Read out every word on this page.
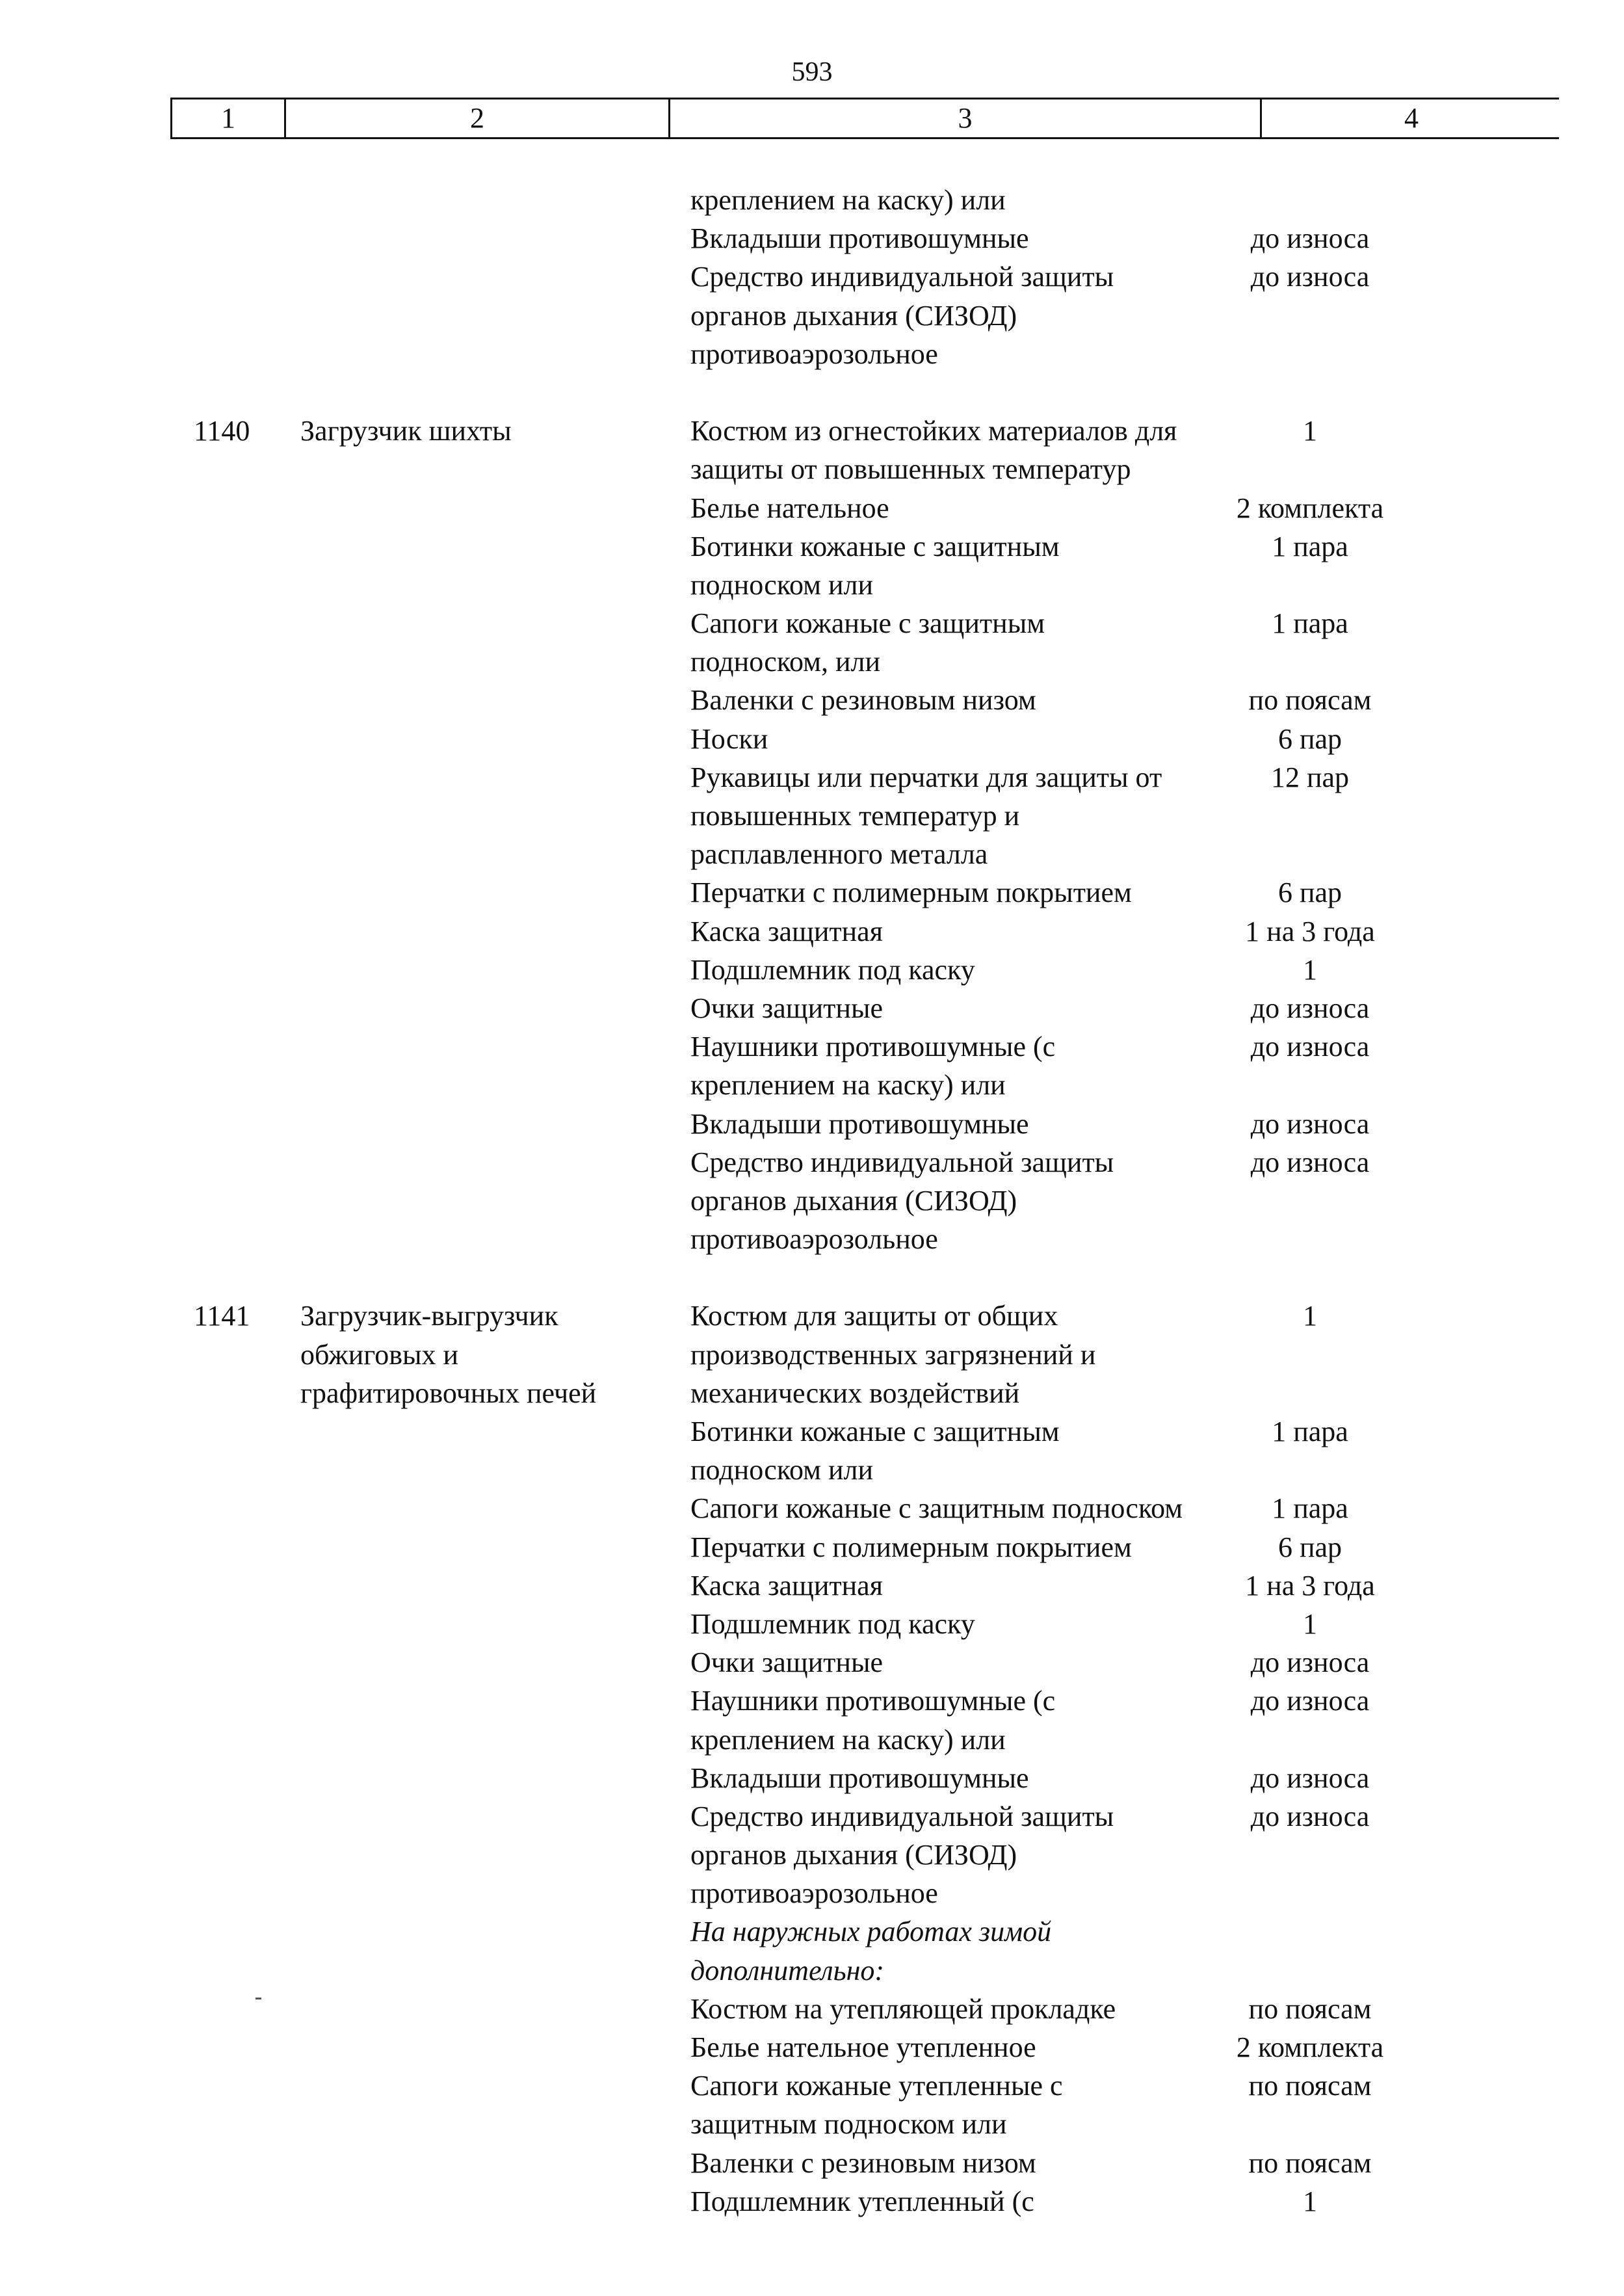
593
1	2	3	4
креплением на каску) или
Вкладыши противошумные	до износа
Средство индивидуальной защиты	до износа
органов дыхания (СИЗОД)
противоаэрозольное
1140 Загрузчик шихты	Костюм из огнестойких материалов для	1
защиты от повышенных температур
Белье нательное	2 комплекта
Ботинки кожаные с защитным	1 пара
подноском или
Сапоги кожаные с защитным	1 пара
подноском, или
Валенки с резиновым низом	по поясам
Носки	6 пар
Рукавицы или перчатки для защиты от	12 пар
повышенных температур и
расплавленного металла
Перчатки с полимерным покрытием	6 пар
Каска защитная	1 на 3 года
Подшлемник под каску	1
Очки защитные	до износа
Наушники противошумные (с	до износа
креплением на каску) или
Вкладыши противошумные	до износа
Средство индивидуальной защиты	до износа
органов дыхания (СИЗОД)
противоаэрозольное
1141 Загрузчик-выгрузчик	Костюм для защиты от общих	1
обжиговых и	производственных загрязнений и
графитировочных печей	механических воздействий
Ботинки кожаные с защитным	1 пара
подноском или
Сапоги кожаные с защитным подноском	1 пара
Перчатки с полимерным покрытием	6 пар
Каска защитная	1 на 3 года
Подшлемник под каску	1
Очки защитные	до износа
Наушники противошумные (с	до износа
креплением на каску) или
Вкладыши противошумные	до износа
Средство индивидуальной защиты	до износа
органов дыхания (СИЗОД)
противоаэрозольное
На наружных работах зимой
дополнительно:
Костюм на утепляющей прокладке	по поясам
Белье нательное утепленное	2 комплекта
Сапоги кожаные утепленные с	по поясам
защитным подноском или
Валенки с резиновым низом	по поясам
Подшлемник утепленный (с	1
